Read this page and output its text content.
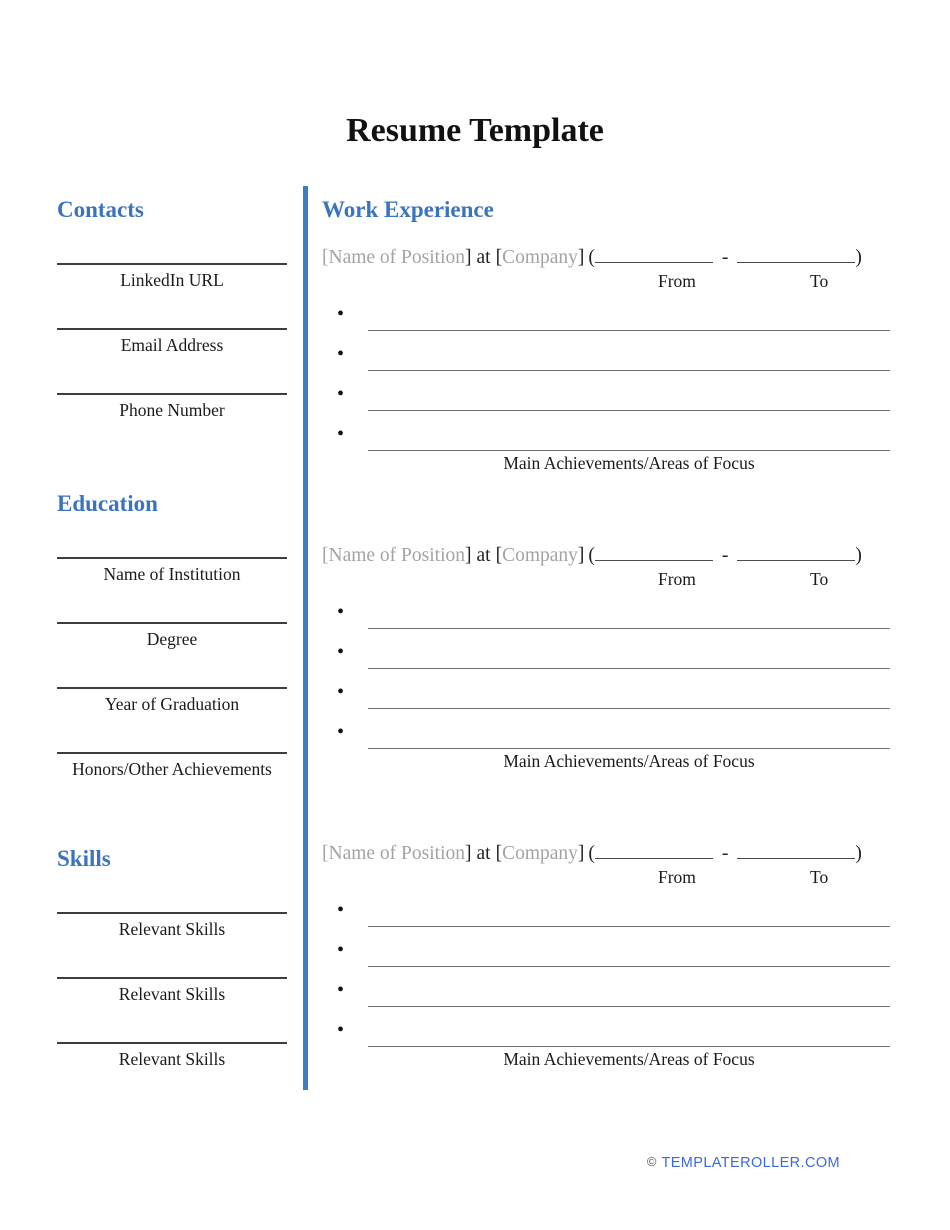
Resume Template
Contacts
LinkedIn URL
Email Address
Phone Number
Education
Name of Institution
Degree
Year of Graduation
Honors/Other Achievements
Skills
Relevant Skills
Relevant Skills
Relevant Skills
Work Experience
[Name of Position] at [Company] (	-	)
From	To
•
•
•
•
Main Achievements/Areas of Focus
[Name of Position] at [Company] (	-	)
From	To
•
•
•
•
Main Achievements/Areas of Focus
[Name of Position] at [Company] (	-	)
From	To
•
•
•
•
Main Achievements/Areas of Focus
© TEMPLATEROLLER.COM
